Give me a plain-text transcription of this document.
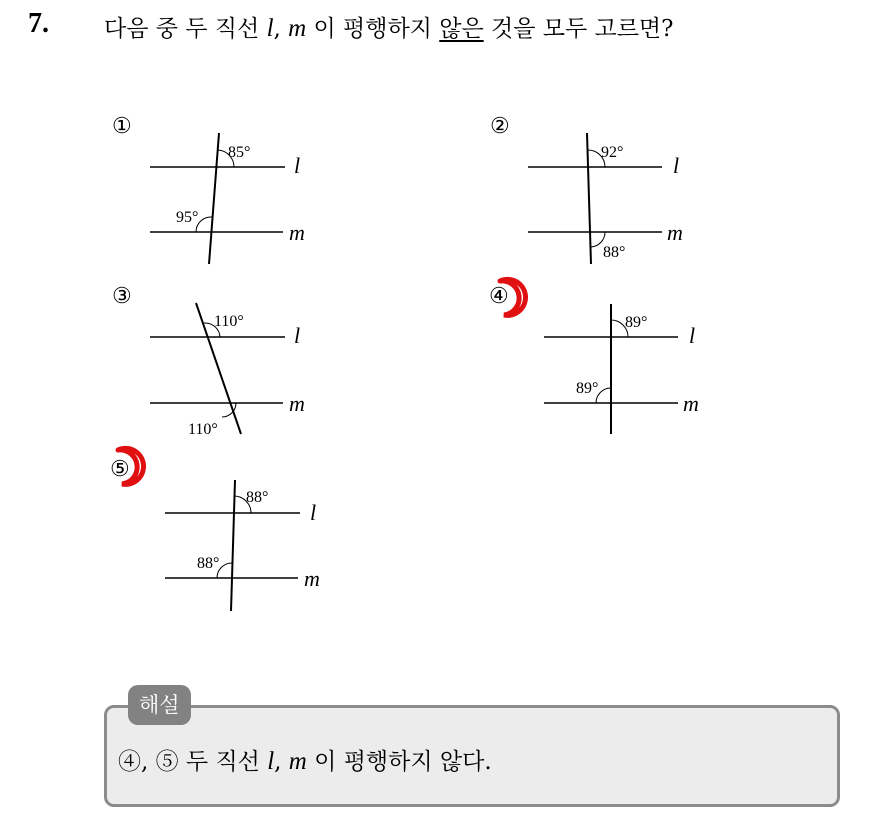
7. 다음 중 두 직선 l, m 이 평행하지 않은 것을 모두 고르면?
①
85°
95°
l
m
②
92°
88°
l
m
③
110°
110°
l
m
④
89°
89°
l
m
⑤
88°
88°
l
m
해설
④, ⑤ 두 직선 l, m 이 평행하지 않다.
